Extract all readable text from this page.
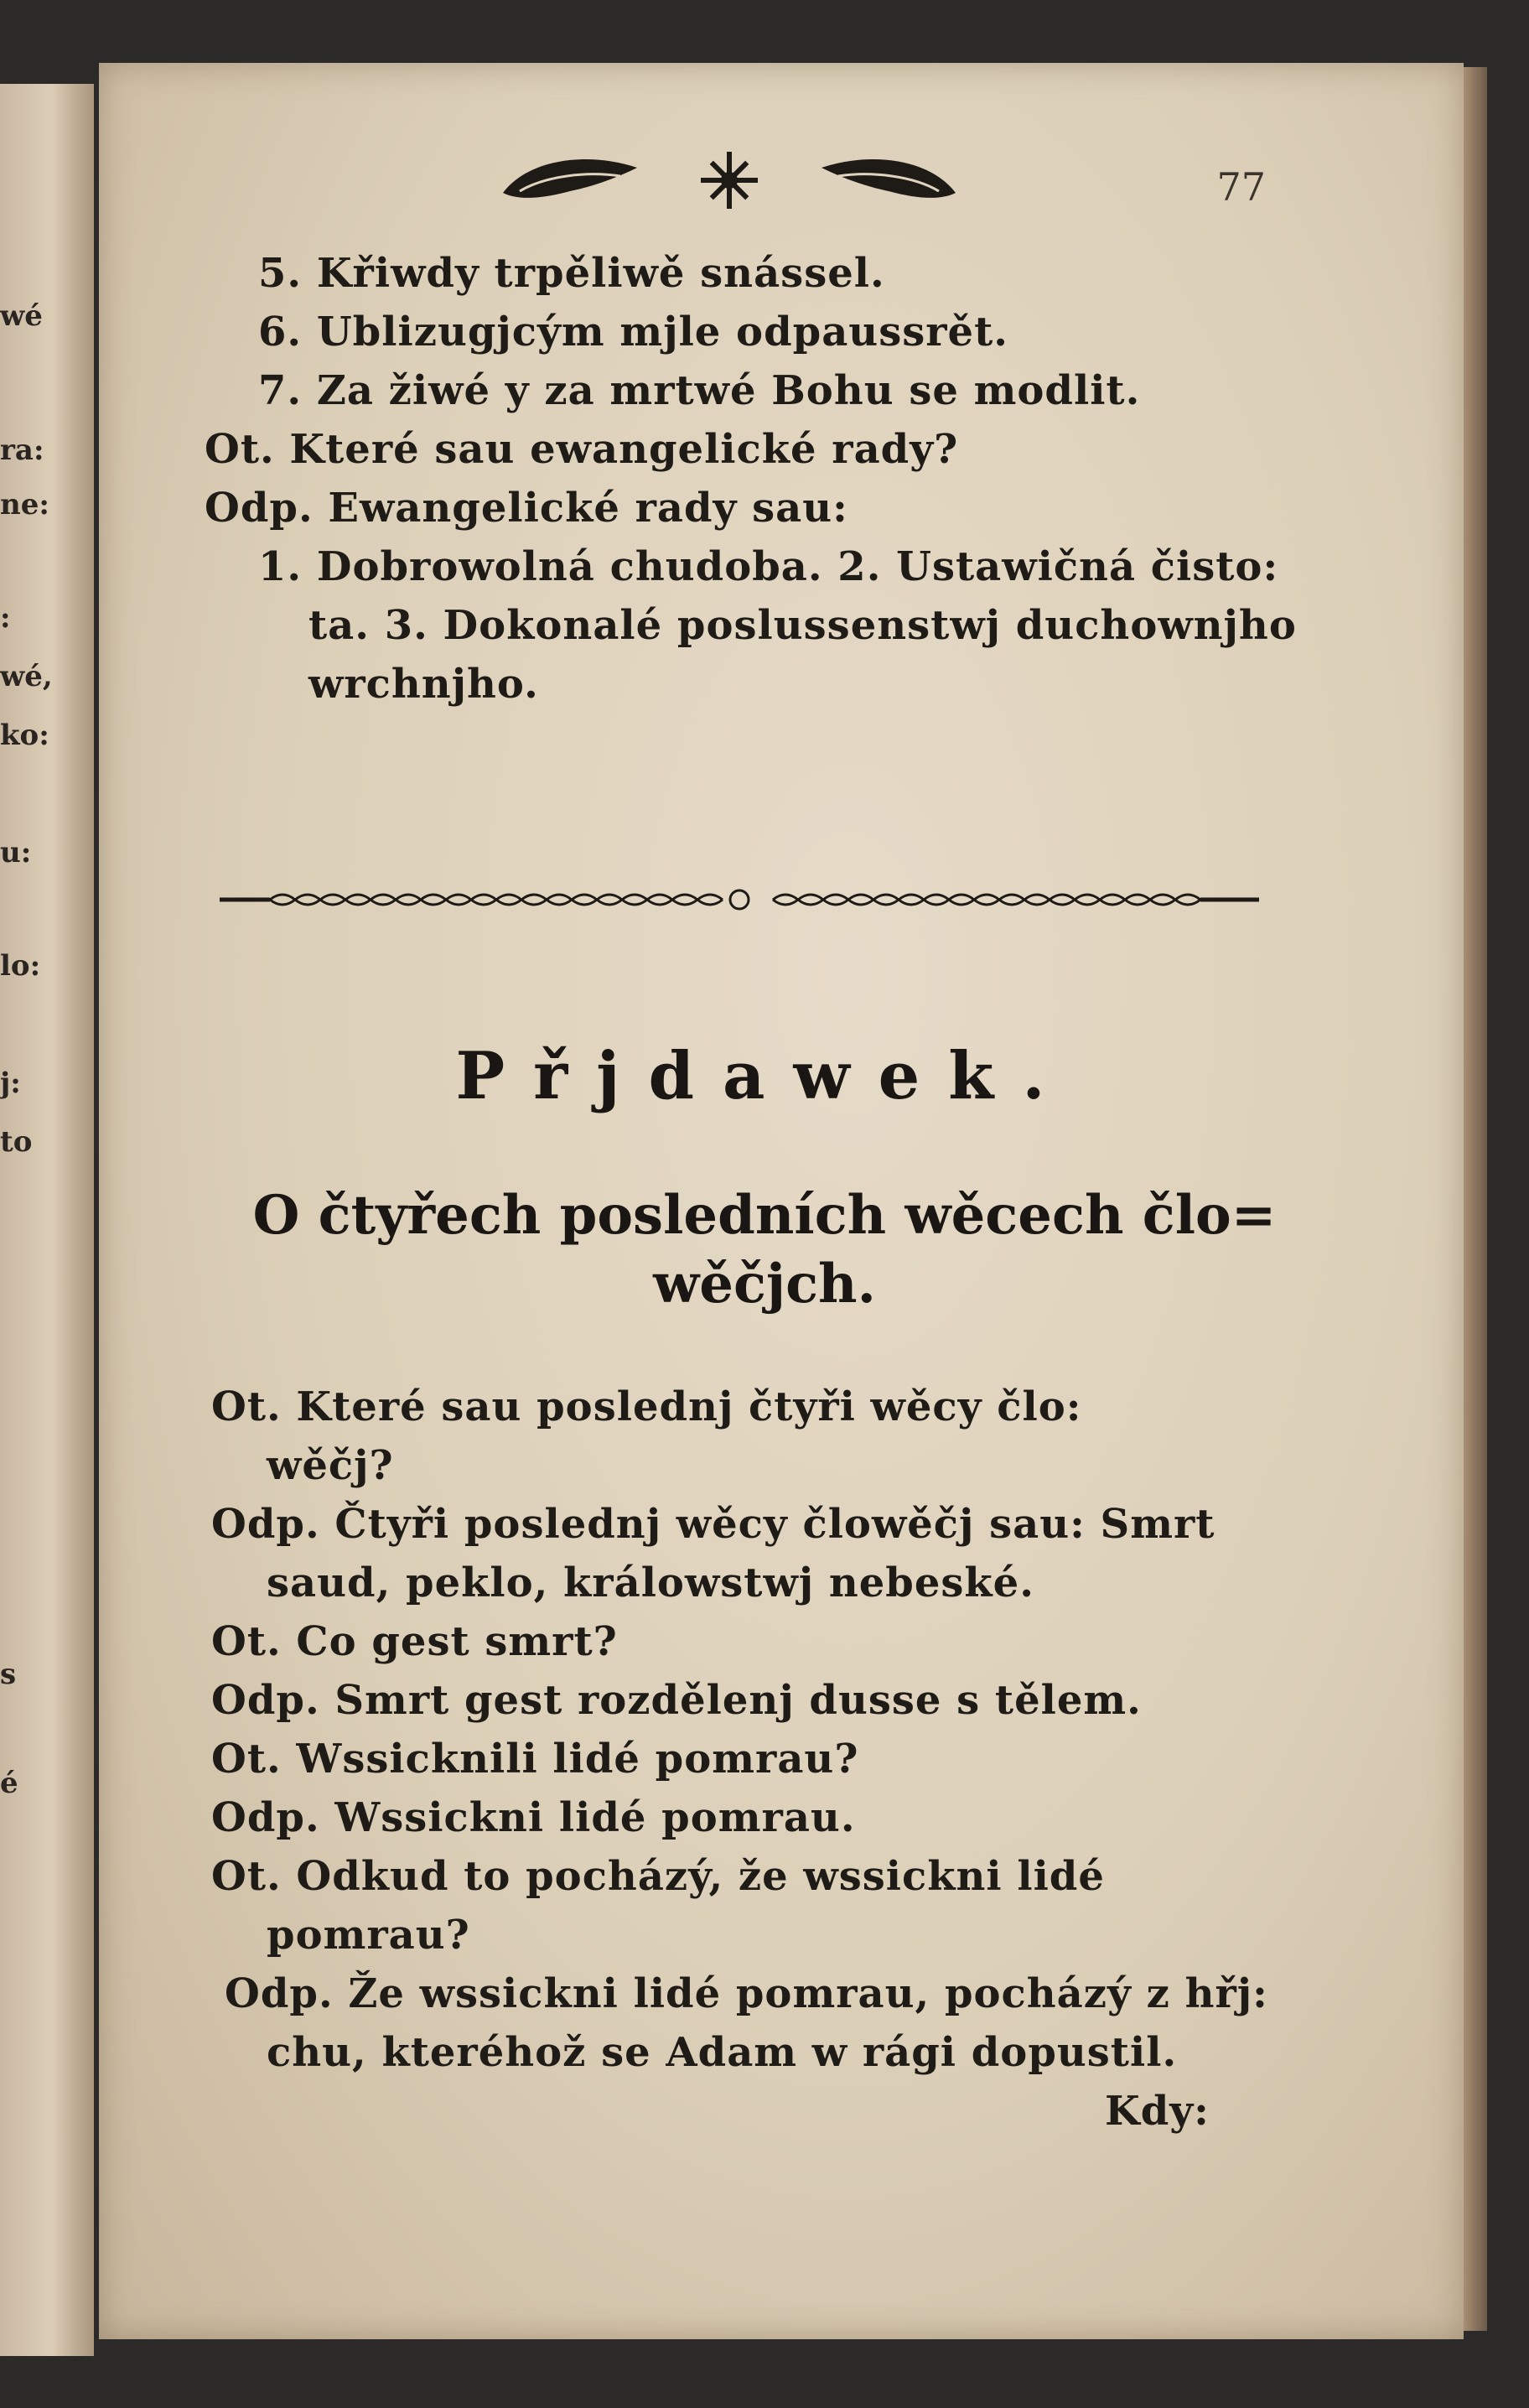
wé
ra:
ne:
:
wé,
ko:
u:
lo:
j:
to
s
é
77
5. Křiwdy trpěliwě snássel.
6. Ublizugjcým mjle odpaussrět.
7. Za žiwé y za mrtwé Bohu se modlit.
Ot. Které sau ewangelické rady?
Odp. Ewangelické rady sau:
1. Dobrowolná chudoba. 2. Ustawičná čisto:
ta. 3. Dokonalé poslussenstwj duchownjho
wrchnjho.
Přjdawek.
O čtyřech posledních wěcech člo=
wěčjch.
Ot. Které sau poslednj čtyři wěcy člo:
wěčj?
Odp. Čtyři poslednj wěcy člowěčj sau: Smrt
saud, peklo, králowstwj nebeské.
Ot. Co gest smrt?
Odp. Smrt gest rozdělenj dusse s tělem.
Ot. Wssicknili lidé pomrau?
Odp. Wssickni lidé pomrau.
Ot. Odkud to pocházý, že wssickni lidé
pomrau?
Odp. Že wssickni lidé pomrau, pocházý z hřj:
chu, kteréhož se Adam w rági dopustil.
Kdy:
